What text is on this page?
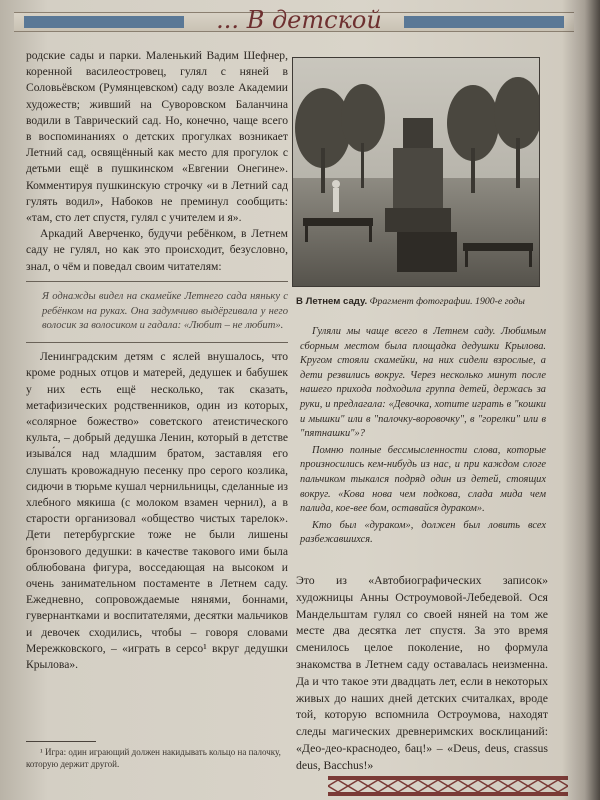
... В детской

родские сады и парки. Маленький Вадим Шефнер, коренной василеостровец, гулял с няней в Соловьёвском (Румянцевском) саду возле Академии художеств; живший на Суворовском Баланчина водили в Таврический сад. Но, конечно, чаще всего в воспоминаниях о детских прогулках возникает Летний сад, освящённый как место для прогулок с детьми ещё в пушкинском «Евгении Онегине». Комментируя пушкинскую строчку «и в Летний сад гулять водил», Набоков не преминул сообщить: «там, сто лет спустя, гулял с учителем и я».

Аркадий Аверченко, будучи ребёнком, в Летнем саду не гулял, но как это происходит, безусловно, знал, о чём и поведал своим читателям:

Я однажды видел на скамейке Летнего сада няньку с ребёнком на руках. Она задумчиво выдёргивала у него волосик за волосиком и гадала: «Любит – не любит».

Ленинградским детям с яслей внушалось, что кроме родных отцов и матерей, дедушек и бабушек у них есть ещё несколько, так сказать, метафизических родственников, один из которых, «солярное божество» советского атеистического культа, – добрый дедушка Ленин, который в детстве изыва́лся над младшим братом, заставляя его слушать кровожадную песенку про серого козлика, сидючи в тюрьме кушал чернильницы, сделанные из хлебного мякиша (с молоком взамен чернил), а в старости организовал «общество чистых тарелок». Дети петербургские тоже не были лишены бронзового дедушки: в качестве такового ими была облюбована фигура, восседающая на высоком и очень занимательном постаменте в Летнем саду. Ежедневно, сопровождаемые нянями, боннами, гувернантками и воспитателями, десятки мальчиков и девочек сходились, чтобы – говоря словами Мережковского, – «играть в серсо¹ вкруг дедушки Крылова».

¹ Игра: один играющий должен накидывать кольцо на палочку, которую держит другой.
В Летнем саду. Фрагмент фотографии. 1900-е годы

Гуляли мы чаще всего в Летнем саду. Любимым сборным местом была площадка дедушки Крылова. Кругом стояли скамейки, на них сидели взрослые, а дети резвились вокруг. Через несколько минут после нашего прихода подходила группа детей, держась за руки, и предлагала: «Девочка, хотите играть в "кошки и мышки" или в "палочку-воровочку", в "горелки" или в "пятнашки"»?

Помню полные бессмысленности слова, которые произносились кем-нибудь из нас, и при каждом слоге пальчиком тыкался подряд один из детей, стоящих вокруг. «Кова нова чем подкова, слада мида чем палида, кое-вее бом, оставайся дураком».

Кто был «дураком», должен был ловить всех разбежавшихся.

Это из «Автобиографических записок» художницы Анны Остроумовой-Лебедевой. Ося Мандельштам гулял со своей няней на том же месте два десятка лет спустя. За это время сменилось целое поколение, но формула знакомства в Летнем саду оставалась неизменна. Да и что такое эти двадцать лет, если в некоторых живых до наших дней детских считалках, вроде той, которую вспомнила Остроумова, находят следы магических древнеримских восклицаний: «Део-део-краснодео, бац!» – «Deus, deus, crassus deus, Bacchus!»
